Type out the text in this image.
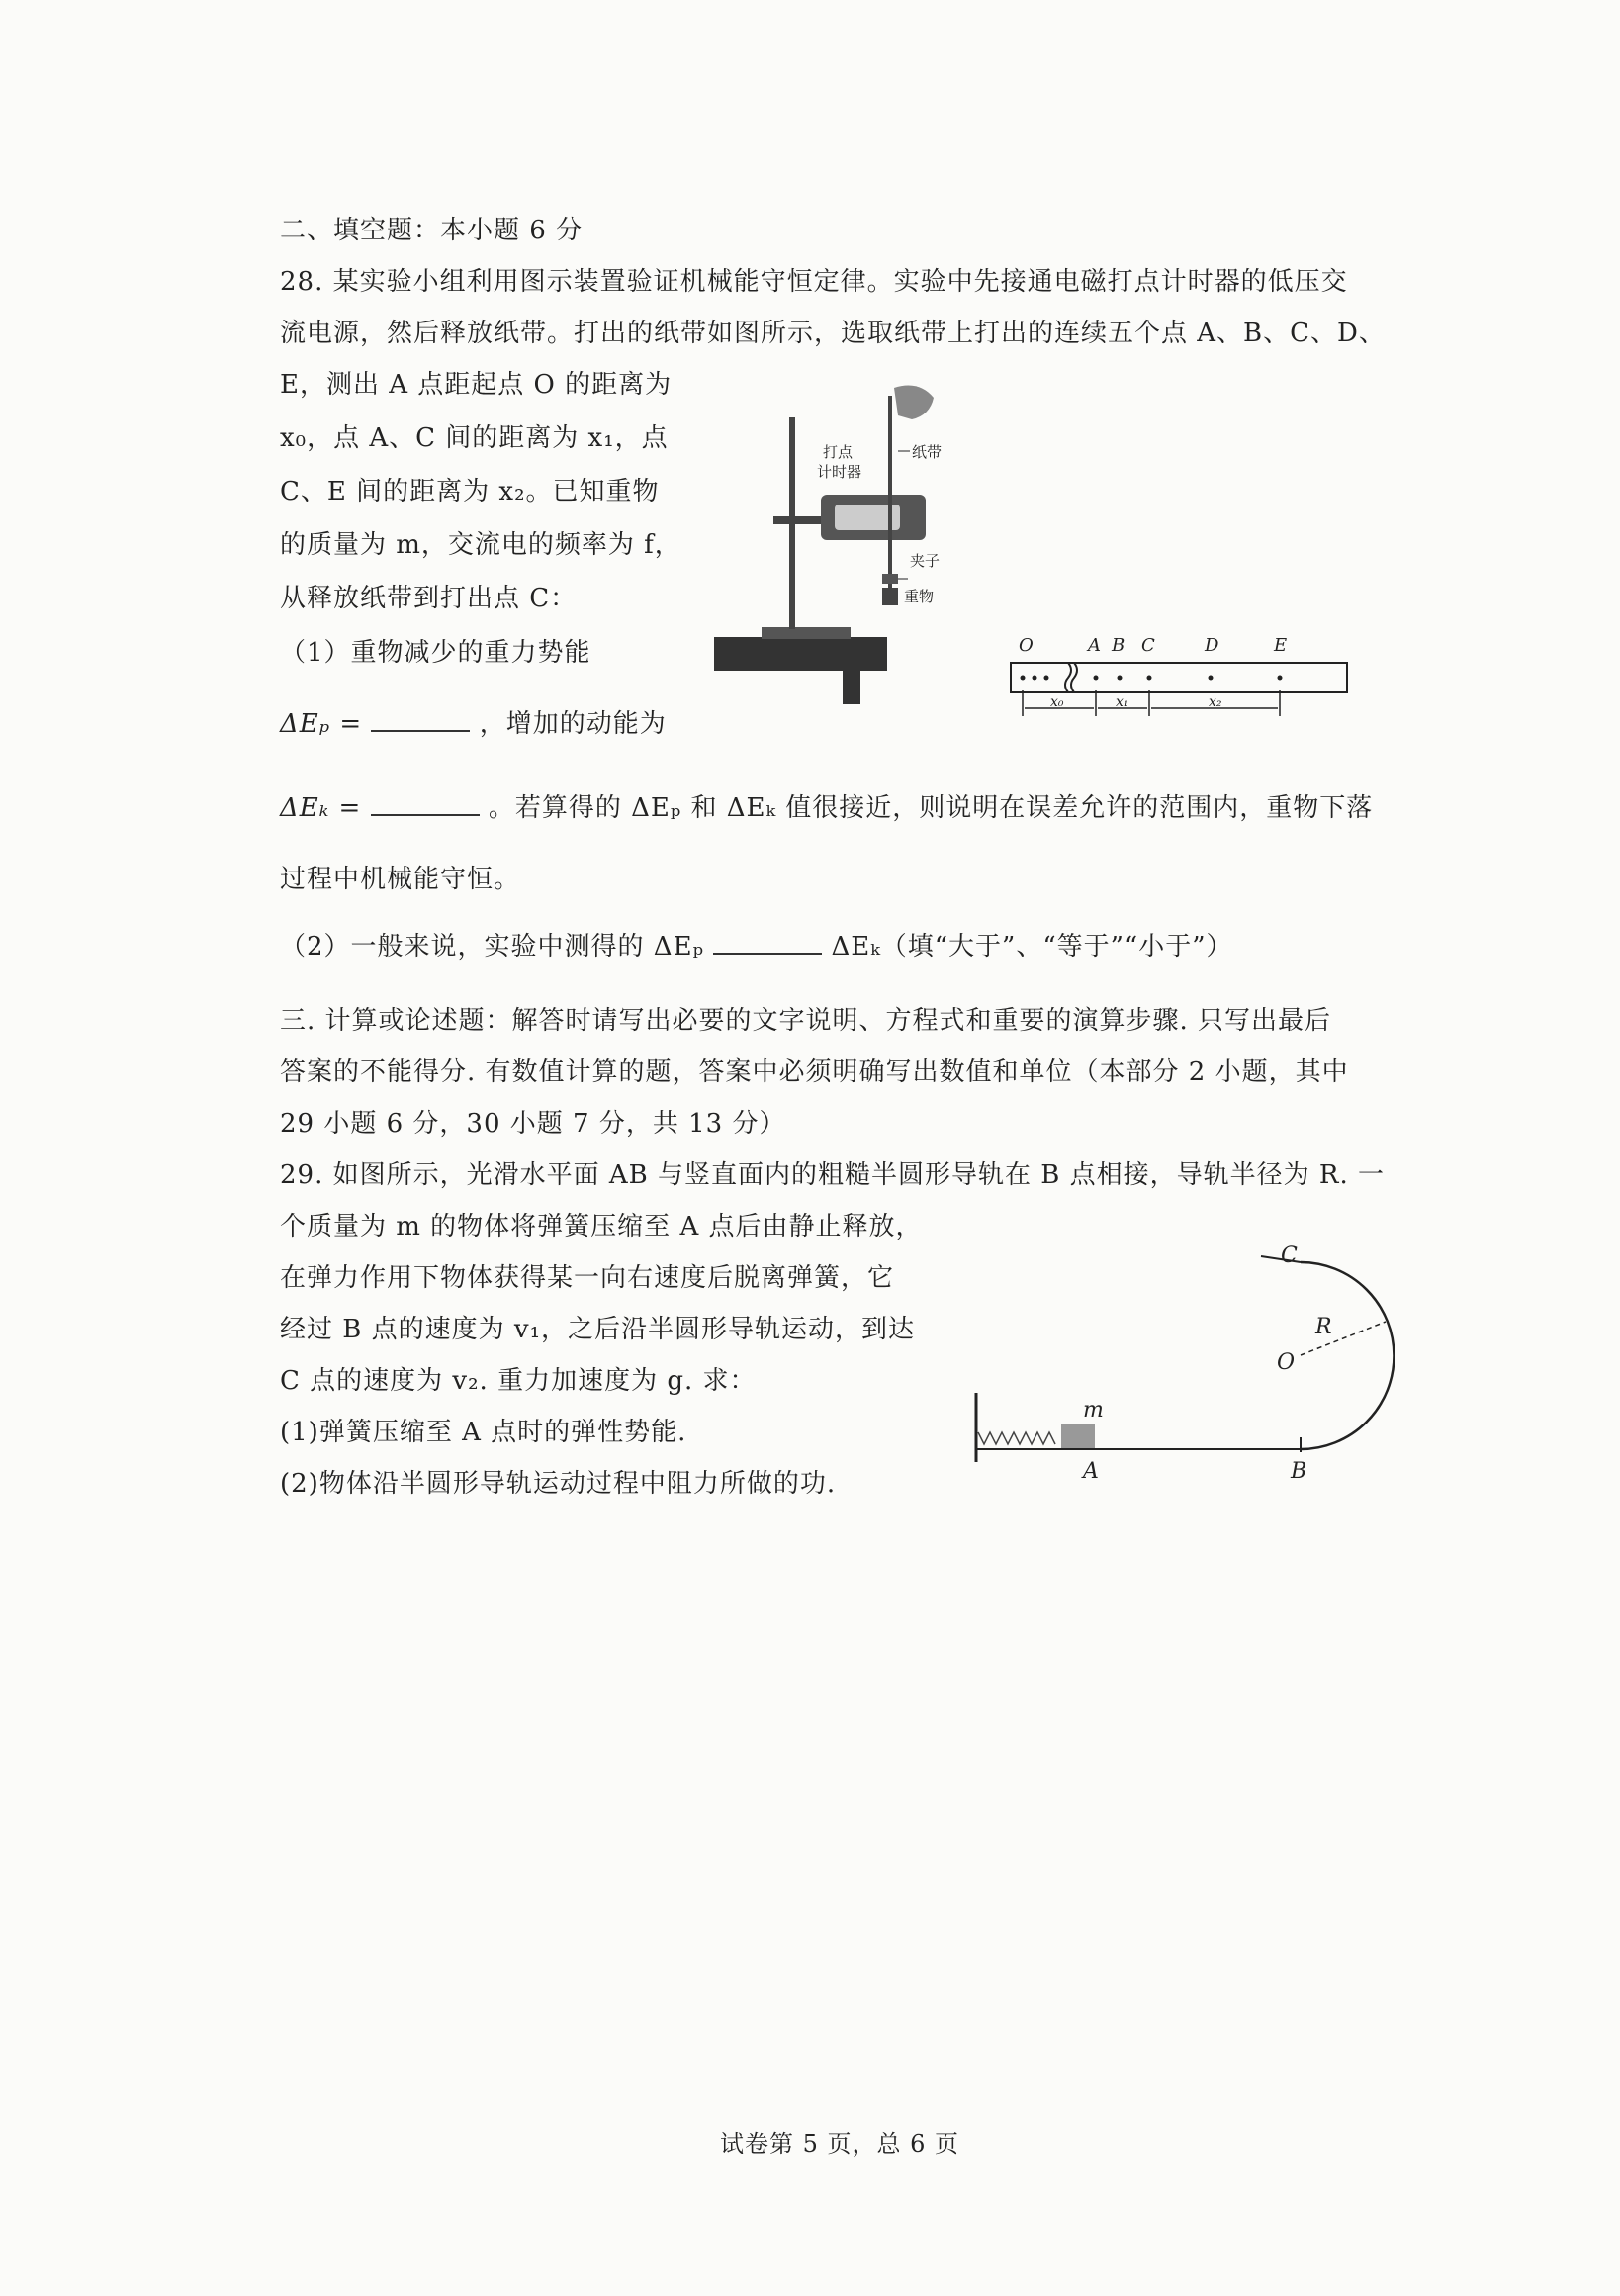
二、填空题：本小题 6 分
28. 某实验小组利用图示装置验证机械能守恒定律。实验中先接通电磁打点计时器的低压交
流电源，然后释放纸带。打出的纸带如图所示，选取纸带上打出的连续五个点 A、B、C、D、
E，测出 A 点距起点 O 的距离为
x₀，点 A、C 间的距离为 x₁，点
C、E 间的距离为 x₂。已知重物
的质量为 m，交流电的频率为 f，
从释放纸带到打出点 C：
（1）重物减少的重力势能
ΔEₚ =	，增加的动能为
ΔEₖ =	。若算得的 ΔEₚ 和 ΔEₖ 值很接近，则说明在误差允许的范围内，重物下落
过程中机械能守恒。
（2）一般来说，实验中测得的 ΔEₚ	ΔEₖ（填“大于”、“等于”“小于”）
打点
计时器
纸带
夹子
重物
O	A B C	D	E
x₀	x₁	x₂
三. 计算或论述题：解答时请写出必要的文字说明、方程式和重要的演算步骤. 只写出最后
答案的不能得分. 有数值计算的题，答案中必须明确写出数值和单位（本部分 2 小题，其中
29 小题 6 分，30 小题 7 分，共 13 分）
29. 如图所示，光滑水平面 AB 与竖直面内的粗糙半圆形导轨在 B 点相接，导轨半径为 R. 一
个质量为 m 的物体将弹簧压缩至 A 点后由静止释放，
在弹力作用下物体获得某一向右速度后脱离弹簧，它
经过 B 点的速度为 v₁，之后沿半圆形导轨运动，到达
C 点的速度为 v₂. 重力加速度为 g. 求：
(1)弹簧压缩至 A 点时的弹性势能.
(2)物体沿半圆形导轨运动过程中阻力所做的功.
C
R
O
m
A	B
试卷第 5 页，总 6 页
